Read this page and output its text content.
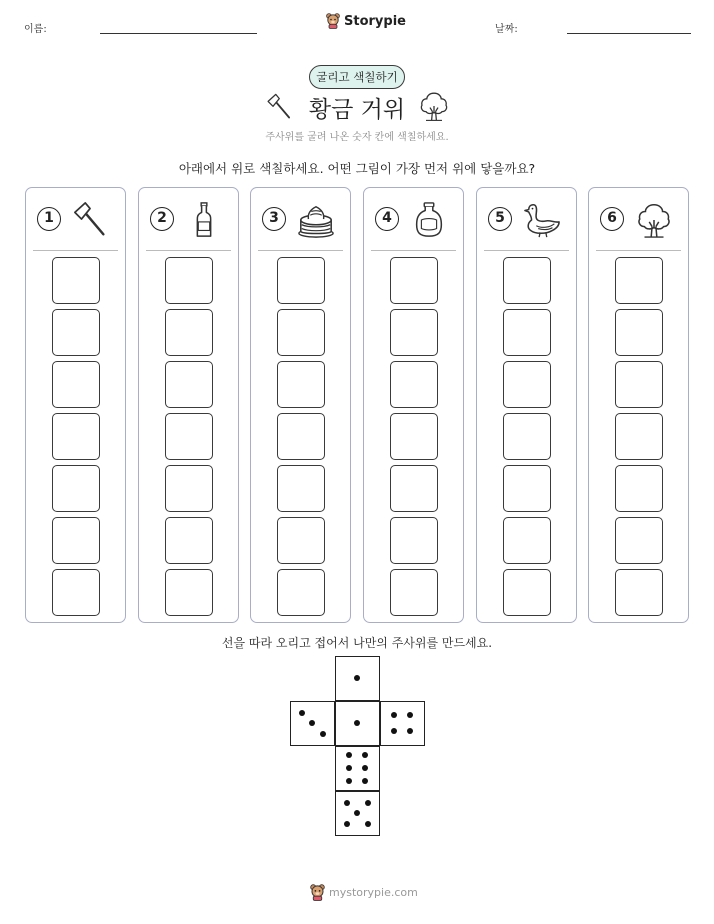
이름:
Storypie
날짜:
굴리고 색칠하기
황금 거위
주사위를 굴려 나온 숫자 칸에 색칠하세요.
아래에서 위로 색칠하세요. 어떤 그림이 가장 먼저 위에 닿을까요?
1	2	3	4	5	6
선을 따라 오리고 접어서 나만의 주사위를 만드세요.
mystorypie.com
